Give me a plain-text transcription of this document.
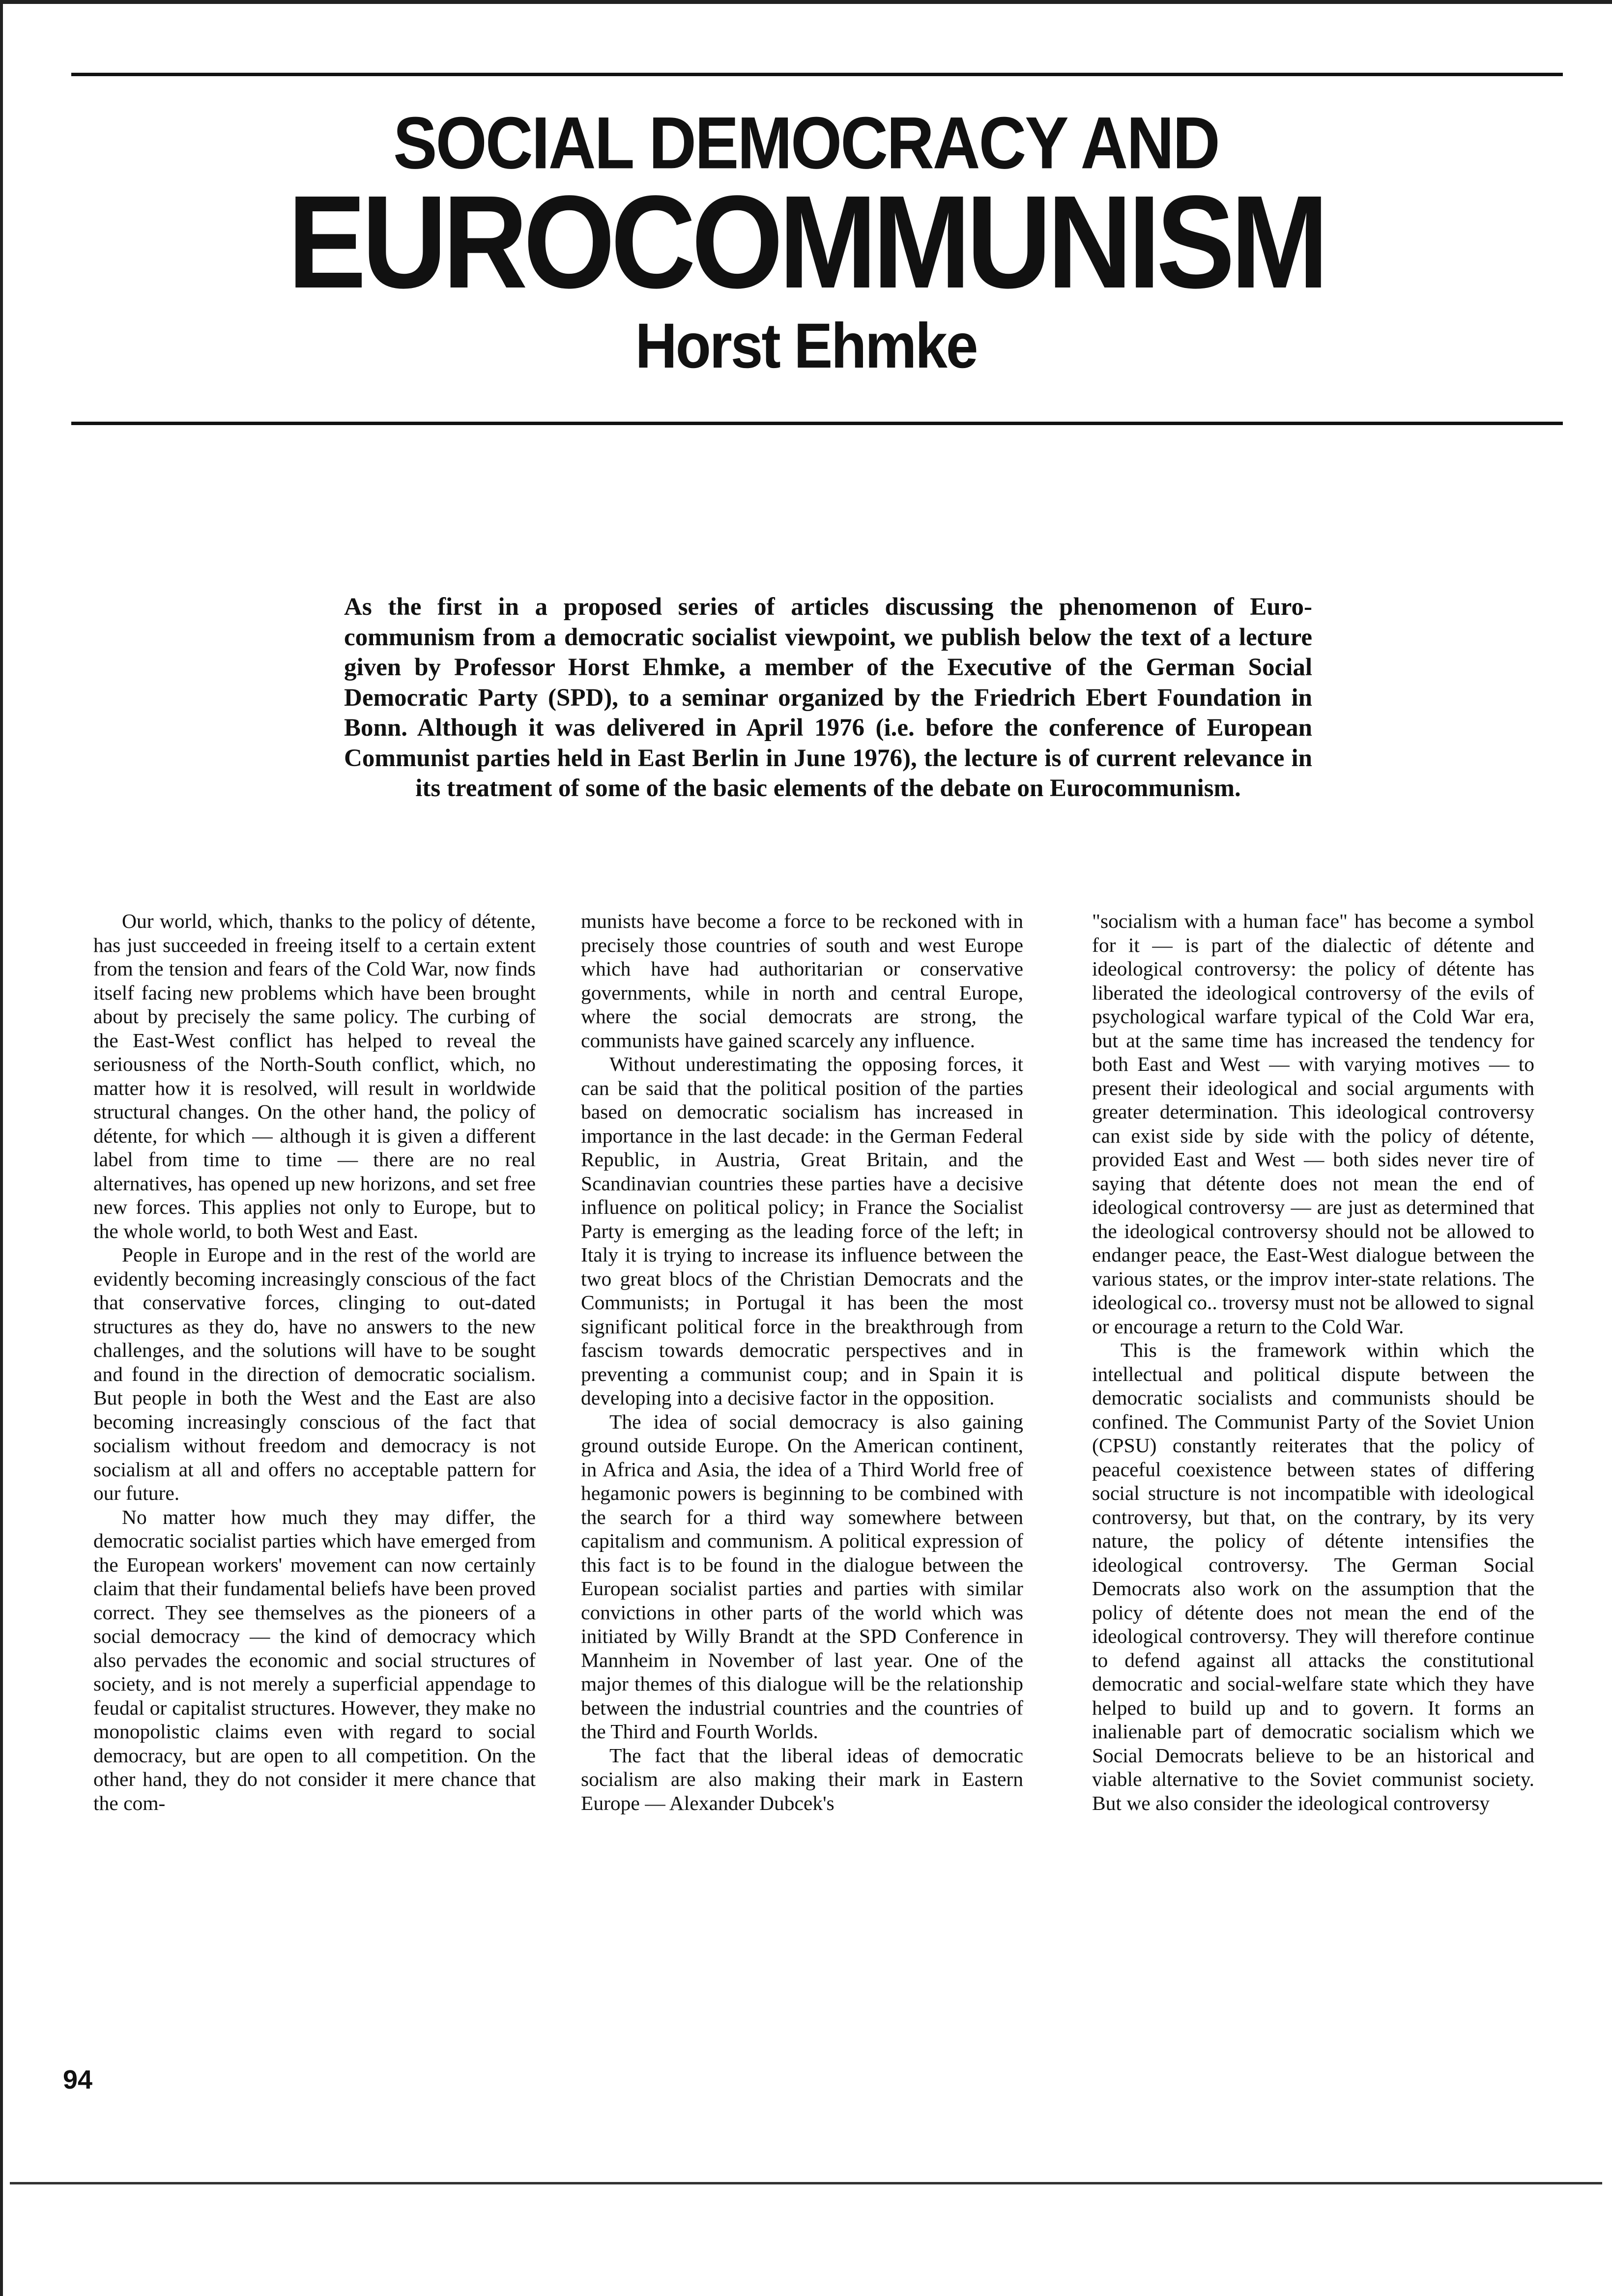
SOCIAL DEMOCRACY AND
EUROCOMMUNISM
Horst Ehmke
As the first in a proposed series of articles discussing the phenomenon of Euro-communism from a democratic socialist viewpoint, we publish below the text of a lecture given by Professor Horst Ehmke, a member of the Executive of the German Social Democratic Party (SPD), to a seminar organized by the Friedrich Ebert Foundation in Bonn. Although it was delivered in April 1976 (i.e. before the conference of European Communist parties held in East Berlin in June 1976), the lecture is of current relevance in its treatment of some of the basic elements of the debate on Eurocommunism.

Our world, which, thanks to the policy of détente, has just succeeded in freeing itself to a certain extent from the tension and fears of the Cold War, now finds itself facing new problems which have been brought about by precisely the same policy. The curbing of the East-West conflict has helped to reveal the seriousness of the North-South conflict, which, no matter how it is resolved, will result in worldwide structural changes. On the other hand, the policy of détente, for which — although it is given a different label from time to time — there are no real alternatives, has opened up new horizons, and set free new forces. This applies not only to Europe, but to the whole world, to both West and East.

People in Europe and in the rest of the world are evidently becoming increasingly conscious of the fact that conservative forces, clinging to out-dated structures as they do, have no answers to the new challenges, and the solutions will have to be sought and found in the direction of democratic socialism. But people in both the West and the East are also becoming increasingly conscious of the fact that socialism without freedom and democracy is not socialism at all and offers no acceptable pattern for our future.

No matter how much they may differ, the democratic socialist parties which have emerged from the European workers' movement can now certainly claim that their fundamental beliefs have been proved correct. They see themselves as the pioneers of a social democracy — the kind of democracy which also pervades the economic and social structures of society, and is not merely a superficial appendage to feudal or capitalist structures. However, they make no monopolistic claims even with regard to social democracy, but are open to all competition. On the other hand, they do not consider it mere chance that the com-

munists have become a force to be reckoned with in precisely those countries of south and west Europe which have had authoritarian or conservative governments, while in north and central Europe, where the social democrats are strong, the communists have gained scarcely any influence.

Without underestimating the opposing forces, it can be said that the political position of the parties based on democratic socialism has increased in importance in the last decade: in the German Federal Republic, in Austria, Great Britain, and the Scandinavian countries these parties have a decisive influence on political policy; in France the Socialist Party is emerging as the leading force of the left; in Italy it is trying to increase its influence between the two great blocs of the Christian Democrats and the Communists; in Portugal it has been the most significant political force in the breakthrough from fascism towards democratic perspectives and in preventing a communist coup; and in Spain it is developing into a decisive factor in the opposition.

The idea of social democracy is also gaining ground outside Europe. On the American continent, in Africa and Asia, the idea of a Third World free of hegamonic powers is beginning to be combined with the search for a third way somewhere between capitalism and communism. A political expression of this fact is to be found in the dialogue between the European socialist parties and parties with similar convictions in other parts of the world which was initiated by Willy Brandt at the SPD Conference in Mannheim in November of last year. One of the major themes of this dialogue will be the relationship between the industrial countries and the countries of the Third and Fourth Worlds.

The fact that the liberal ideas of democratic socialism are also making their mark in Eastern Europe — Alexander Dubcek's

"socialism with a human face" has become a symbol for it — is part of the dialectic of détente and ideological controversy: the policy of détente has liberated the ideological controversy of the evils of psychological warfare typical of the Cold War era, but at the same time has increased the tendency for both East and West — with varying motives — to present their ideological and social arguments with greater determination. This ideological controversy can exist side by side with the policy of détente, provided East and West — both sides never tire of saying that détente does not mean the end of ideological controversy — are just as determined that the ideological controversy should not be allowed to endanger peace, the East-West dialogue between the various states, or the improv inter-state relations. The ideological co.. troversy must not be allowed to signal or encourage a return to the Cold War.

This is the framework within which the intellectual and political dispute between the democratic socialists and communists should be confined. The Communist Party of the Soviet Union (CPSU) constantly reiterates that the policy of peaceful coexistence between states of differing social structure is not incompatible with ideological controversy, but that, on the contrary, by its very nature, the policy of détente intensifies the ideological controversy. The German Social Democrats also work on the assumption that the policy of détente does not mean the end of the ideological controversy. They will therefore continue to defend against all attacks the constitutional democratic and social-welfare state which they have helped to build up and to govern. It forms an inalienable part of democratic socialism which we Social Democrats believe to be an historical and viable alternative to the Soviet communist society. But we also consider the ideological controversy

94
